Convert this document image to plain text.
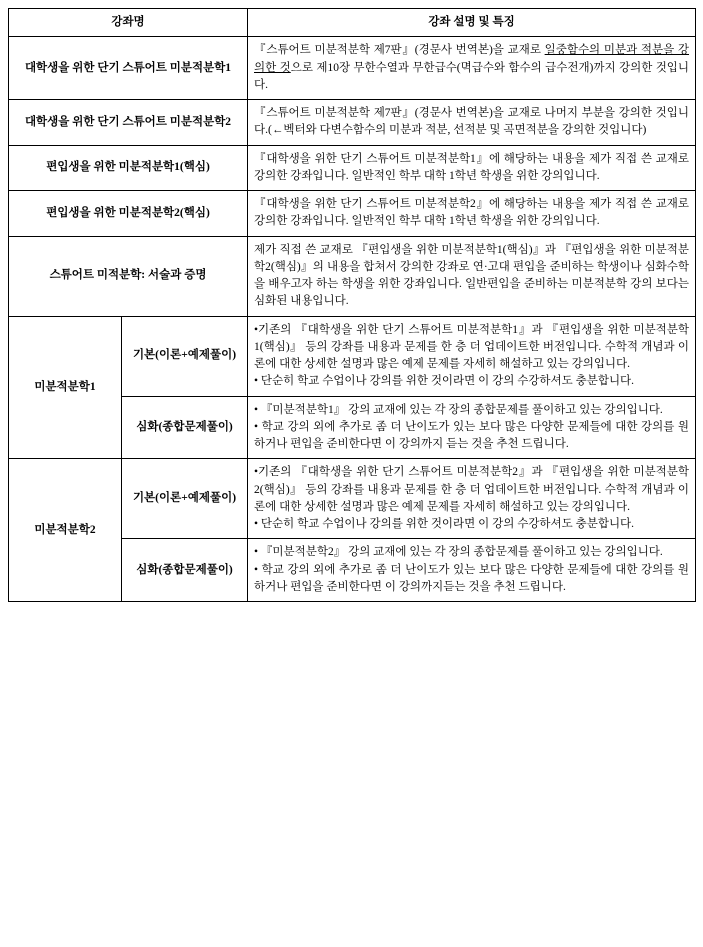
강좌명		강좌 설명 및 특징
대학생을 위한 단기 스튜어트 미분적분학1		『스튜어트 미분적분학 제7판』(경문사 번역본)을 교재로 일중함수의 미분과 적분을 강의한 것으로 제10장 무한수열과 무한급수(멱급수와 함수의 급수전개)까지 강의한 것입니다.

대학생을 위한 단기 스튜어트 미분적분학2		『스튜어트 미분적분학 제7판』(경문사 번역본)을 교재로 나머지 부분을 강의한 것입니다.(←벡터와 다변수함수의 미분과 적분, 선적분 및 곡면적분을 강의한 것입니다)
편입생을 위한 미분적분학1(핵심)		『대학생을 위한 단기 스튜어트 미분적분학1』에 해당하는 내용을 제가 직접 쓴 교재로 강의한 강좌입니다. 일반적인 학부 대학 1학년 학생을 위한 강의입니다.
편입생을 위한 미분적분학2(핵심)		『대학생을 위한 단기 스튜어트 미분적분학2』에 해당하는 내용을 제가 직접 쓴 교재로 강의한 강좌입니다. 일반적인 학부 대학 1학년 학생을 위한 강의입니다.
스튜어트 미적분학: 서술과 증명		제가 직접 쓴 교재로 『편입생을 위한 미분적분학1(핵심)』과 『편입생을 위한 미분적분학2(핵심)』의 내용을 합쳐서 강의한 강좌로 연·고대 편입을 준비하는 학생이나 심화수학을 배우고자 하는 학생을 위한 강좌입니다. 일반편입을 준비하는 미분적분학 강의 보다는 심화된 내용입니다.
미분적분학1	기본(이론+예제풀이)	•기존의 『대학생을 위한 단기 스튜어트 미분적분학1』과 『편입생을 위한 미분적분학1(핵심)』 등의 강좌를 내용과 문제를 한 층 더 업데이트한 버전입니다. 수학적 개념과 이론에 대한 상세한 설명과 많은 예제 문제를 자세히 해설하고 있는 강의입니다.

• 단순히 학교 수업이나 강의를 위한 것이라면 이 강의 수강하셔도 충분합니다.

	심화(종합문제풀이)	• 『미분적분학1』 강의 교재에 있는 각 장의 종합문제를 풀이하고 있는 강의입니다.

• 학교 강의 외에 추가로 좀 더 난이도가 있는 보다 많은 다양한 문제들에 대한 강의를 원하거나 편입을 준비한다면 이 강의까지 듣는 것을 추천 드립니다.

미분적분학2	기본(이론+예제풀이)	•기존의 『대학생을 위한 단기 스튜어트 미분적분학2』과 『편입생을 위한 미분적분학2(핵심)』 등의 강좌를 내용과 문제를 한 층 더 업데이트한 버전입니다. 수학적 개념과 이론에 대한 상세한 설명과 많은 예제 문제를 자세히 해설하고 있는 강의입니다.

• 단순히 학교 수업이나 강의를 위한 것이라면 이 강의 수강하셔도 충분합니다.

	심화(종합문제풀이)	• 『미분적분학2』 강의 교재에 있는 각 장의 종합문제를 풀이하고 있는 강의입니다.

• 학교 강의 외에 추가로 좀 더 난이도가 있는 보다 많은 다양한 문제들에 대한 강의를 원하거나 편입을 준비한다면 이 강의까지듣는 것을 추천 드립니다.
